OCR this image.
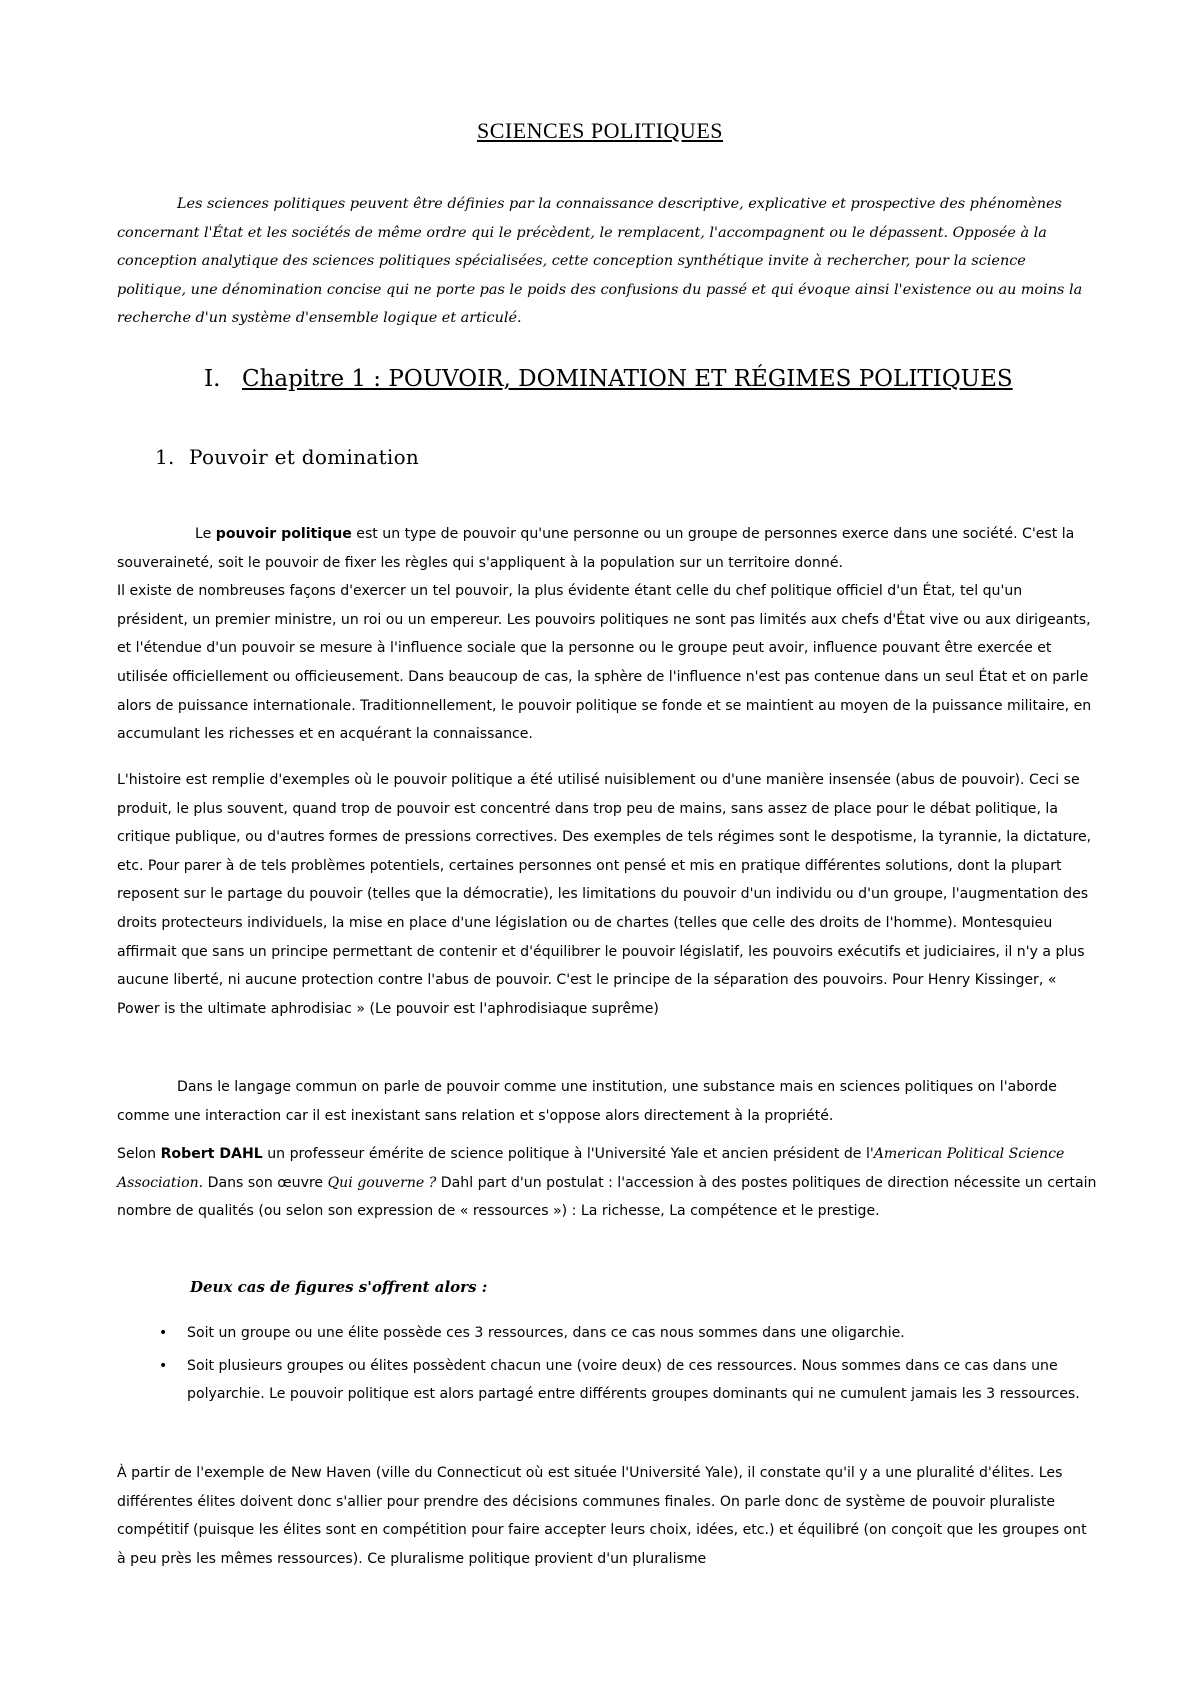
SCIENCES POLITIQUES

Les sciences politiques peuvent être définies par la connaissance descriptive, explicative et prospective des phénomènes concernant l'État et les sociétés de même ordre qui le précèdent, le remplacent, l'accompagnent ou le dépassent. Opposée à la conception analytique des sciences politiques spécialisées, cette conception synthétique invite à rechercher, pour la science politique, une dénomination concise qui ne porte pas le poids des confusions du passé et qui évoque ainsi l'existence ou au moins la recherche d'un système d'ensemble logique et articulé.

I. Chapitre 1 : POUVOIR, DOMINATION ET RÉGIMES POLITIQUES
1. Pouvoir et domination

Le pouvoir politique est un type de pouvoir qu'une personne ou un groupe de personnes exerce dans une société. C'est la souveraineté, soit le pouvoir de fixer les règles qui s'appliquent à la population sur un territoire donné.
Il existe de nombreuses façons d'exercer un tel pouvoir, la plus évidente étant celle du chef politique officiel d'un État, tel qu'un président, un premier ministre, un roi ou un empereur. Les pouvoirs politiques ne sont pas limités aux chefs d'État vive ou aux dirigeants, et l'étendue d'un pouvoir se mesure à l'influence sociale que la personne ou le groupe peut avoir, influence pouvant être exercée et utilisée officiellement ou officieusement. Dans beaucoup de cas, la sphère de l'influence n'est pas contenue dans un seul État et on parle alors de puissance internationale. Traditionnellement, le pouvoir politique se fonde et se maintient au moyen de la puissance militaire, en accumulant les richesses et en acquérant la connaissance.

L'histoire est remplie d'exemples où le pouvoir politique a été utilisé nuisiblement ou d'une manière insensée (abus de pouvoir). Ceci se produit, le plus souvent, quand trop de pouvoir est concentré dans trop peu de mains, sans assez de place pour le débat politique, la critique publique, ou d'autres formes de pressions correctives. Des exemples de tels régimes sont le despotisme, la tyrannie, la dictature, etc. Pour parer à de tels problèmes potentiels, certaines personnes ont pensé et mis en pratique différentes solutions, dont la plupart reposent sur le partage du pouvoir (telles que la démocratie), les limitations du pouvoir d'un individu ou d'un groupe, l'augmentation des droits protecteurs individuels, la mise en place d'une législation ou de chartes (telles que celle des droits de l'homme). Montesquieu affirmait que sans un principe permettant de contenir et d'équilibrer le pouvoir législatif, les pouvoirs exécutifs et judiciaires, il n'y a plus aucune liberté, ni aucune protection contre l'abus de pouvoir. C'est le principe de la séparation des pouvoirs. Pour Henry Kissinger, « Power is the ultimate aphrodisiac » (Le pouvoir est l'aphrodisiaque suprême)

Dans le langage commun on parle de pouvoir comme une institution, une substance mais en sciences politiques on l'aborde comme une interaction car il est inexistant sans relation et s'oppose alors directement à la propriété.

Selon Robert DAHL un professeur émérite de science politique à l'Université Yale et ancien président de l'American Political Science Association. Dans son œuvre Qui gouverne ? Dahl part d'un postulat : l'accession à des postes politiques de direction nécessite un certain nombre de qualités (ou selon son expression de « ressources ») : La richesse, La compétence et le prestige.

Deux cas de figures s'offrent alors :
• Soit un groupe ou une élite possède ces 3 ressources, dans ce cas nous sommes dans une oligarchie.
• Soit plusieurs groupes ou élites possèdent chacun une (voire deux) de ces ressources. Nous sommes dans ce cas dans une polyarchie. Le pouvoir politique est alors partagé entre différents groupes dominants qui ne cumulent jamais les 3 ressources.

À partir de l'exemple de New Haven (ville du Connecticut où est située l'Université Yale), il constate qu'il y a une pluralité d'élites. Les différentes élites doivent donc s'allier pour prendre des décisions communes finales. On parle donc de système de pouvoir pluraliste compétitif (puisque les élites sont en compétition pour faire accepter leurs choix, idées, etc.) et équilibré (on conçoit que les groupes ont à peu près les mêmes ressources). Ce pluralisme politique provient d'un pluralisme
